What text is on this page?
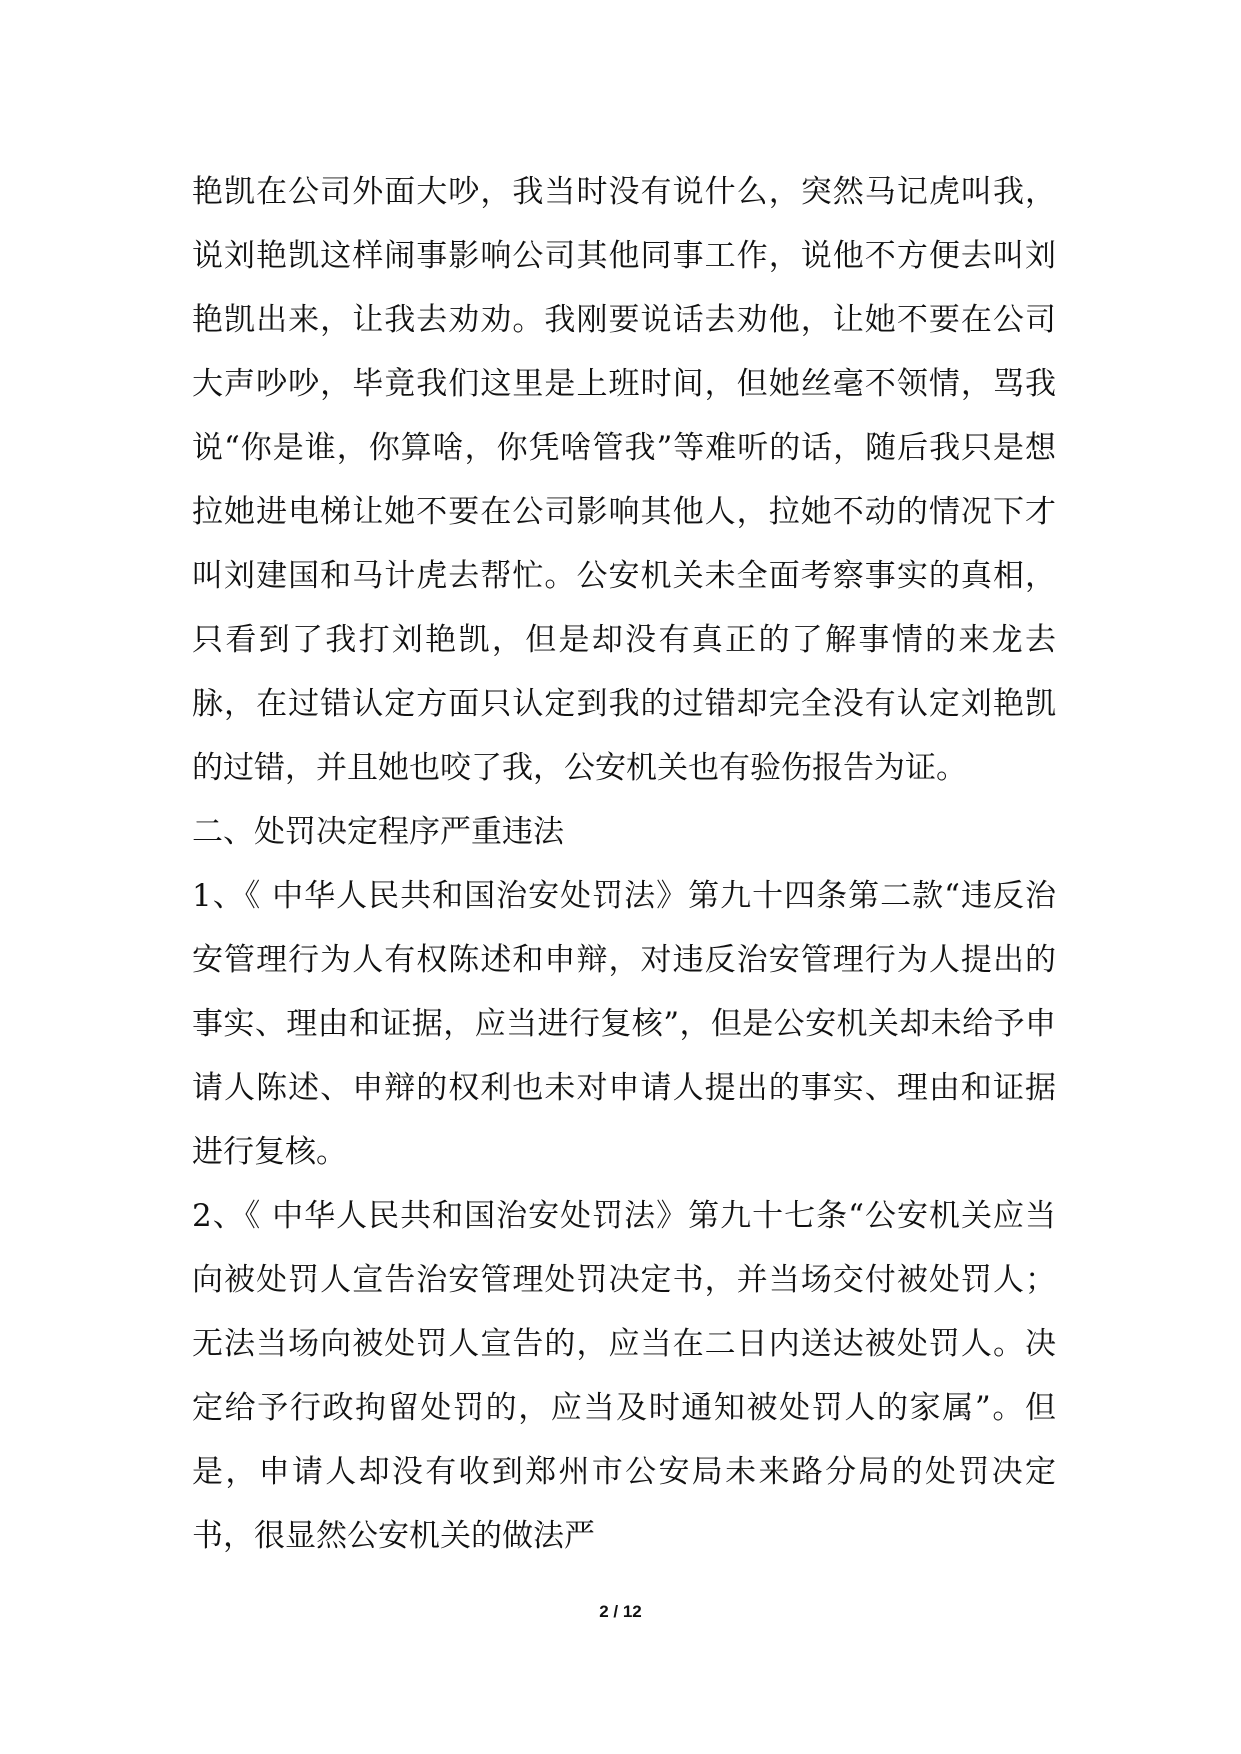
艳凯在公司外面大吵，我当时没有说什么，突然马记虎叫我，说刘艳凯这样闹事影响公司其他同事工作，说他不方便去叫刘艳凯出来，让我去劝劝。我刚要说话去劝他，让她不要在公司大声吵吵，毕竟我们这里是上班时间，但她丝毫不领情，骂我说“你是谁，你算啥，你凭啥管我”等难听的话，随后我只是想拉她进电梯让她不要在公司影响其他人，拉她不动的情况下才叫刘建国和马计虎去帮忙。公安机关未全面考察事实的真相，只看到了我打刘艳凯，但是却没有真正的了解事情的来龙去脉，在过错认定方面只认定到我的过错却完全没有认定刘艳凯的过错，并且她也咬了我，公安机关也有验伤报告为证。

二、处罚决定程序严重违法

1、《 中华人民共和国治安处罚法》第九十四条第二款“违反治安管理行为人有权陈述和申辩，对违反治安管理行为人提出的事实、理由和证据，应当进行复核”，但是公安机关却未给予申请人陈述、申辩的权利也未对申请人提出的事实、理由和证据进行复核。

2、《 中华人民共和国治安处罚法》第九十七条“公安机关应当向被处罚人宣告治安管理处罚决定书，并当场交付被处罚人；无法当场向被处罚人宣告的，应当在二日内送达被处罚人。决定给予行政拘留处罚的，应当及时通知被处罚人的家属”。但是，申请人却没有收到郑州市公安局未来路分局的处罚决定书，很显然公安机关的做法严

2 / 12
